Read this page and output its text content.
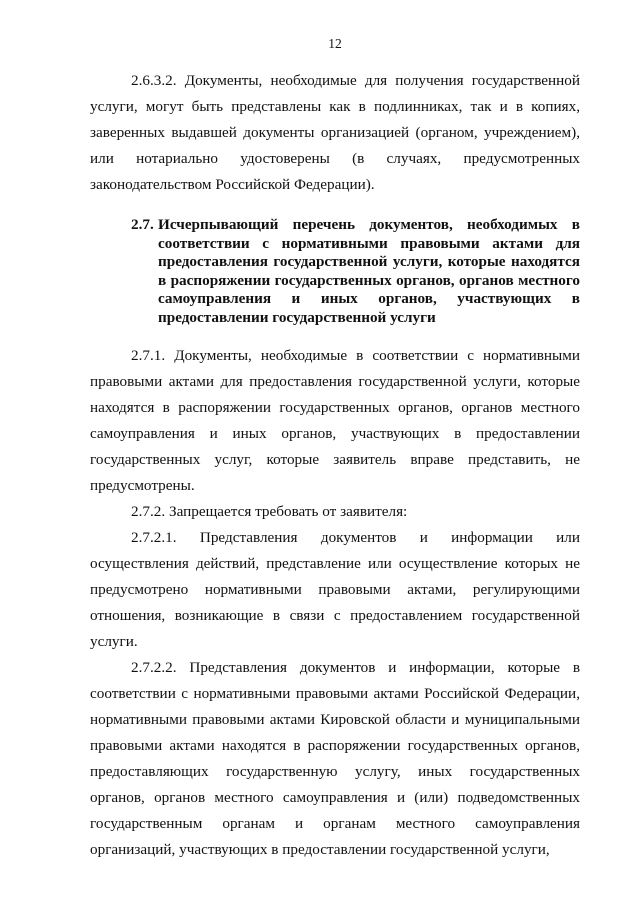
12

2.6.3.2. Документы, необходимые для получения государственной услуги, могут быть представлены как в подлинниках, так и в копиях, заверенных выдавшей документы организацией (органом, учреждением), или нотариально удостоверены (в случаях, предусмотренных законодательством Российской Федерации).

2.7. Исчерпывающий перечень документов, необходимых в соответствии с нормативными правовыми актами для предоставления государственной услуги, которые находятся в распоряжении государственных органов, органов местного самоуправления и иных органов, участвующих в предоставлении государственной услуги

2.7.1. Документы, необходимые в соответствии с нормативными правовыми актами для предоставления государственной услуги, которые находятся в распоряжении государственных органов, органов местного самоуправления и иных органов, участвующих в предоставлении государственных услуг, которые заявитель вправе представить, не предусмотрены.

2.7.2. Запрещается требовать от заявителя:

2.7.2.1. Представления документов и информации или осуществления действий, представление или осуществление которых не предусмотрено нормативными правовыми актами, регулирующими отношения, возникающие в связи с предоставлением государственной услуги.

2.7.2.2. Представления документов и информации, которые в соответствии с нормативными правовыми актами Российской Федерации, нормативными правовыми актами Кировской области и муниципальными правовыми актами находятся в распоряжении государственных органов, предоставляющих государственную услугу, иных государственных органов, органов местного самоуправления и (или) подведомственных государственным органам и органам местного самоуправления организаций, участвующих в предоставлении государственной услуги,
